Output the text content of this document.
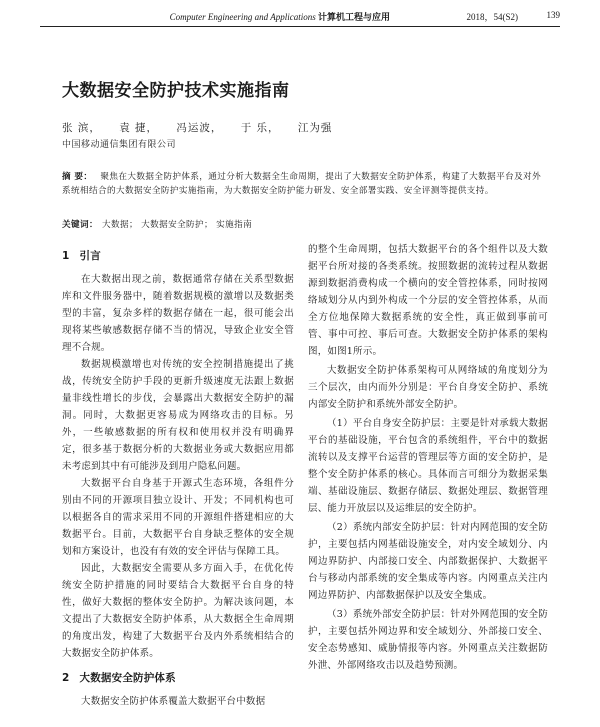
Computer Engineering and Applications 计算机工程与应用	2018，54(S2)	139
大数据安全防护技术实施指南
张 滨， 袁 捷， 冯运波， 于 乐， 江为强
中国移动通信集团有限公司
摘 要： 聚焦在大数据全防护体系，通过分析大数据全生命周期，提出了大数据安全防护体系，构建了大数据平台及对外系统相结合的大数据安全防护实施指南，为大数据安全防护能力研发、安全部署实践、安全评测等提供支持。
关键词： 大数据； 大数据安全防护； 实施指南
1 引言

在大数据出现之前，数据通常存储在关系型数据库和文件服务器中，随着数据规模的激增以及数据类型的丰富，复杂多样的数据存储在一起，很可能会出现将某些敏感数据存储不当的情况，导致企业安全管理不合规。

数据规模激增也对传统的安全控制措施提出了挑战，传统安全防护手段的更新升级速度无法跟上数据量非线性增长的步伐，会暴露出大数据安全防护的漏洞。同时，大数据更容易成为网络攻击的目标。另外，一些敏感数据的所有权和使用权并没有明确界定，很多基于数据分析的大数据业务或大数据应用都未考虑到其中有可能涉及到用户隐私问题。

大数据平台自身基于开源式生态环境，各组件分别由不同的开源项目独立设计、开发；不同机构也可以根据各自的需求采用不同的开源组件搭建相应的大数据平台。目前，大数据平台自身缺乏整体的安全规划和方案设计，也没有有效的安全评估与保障工具。

因此，大数据安全需要从多方面入手，在优化传统安全防护措施的同时要结合大数据平台自身的特性，做好大数据的整体安全防护。为解决该问题，本文提出了大数据安全防护体系，从大数据全生命周期的角度出发，构建了大数据平台及内外系统相结合的大数据安全防护体系。

2 大数据安全防护体系

大数据安全防护体系覆盖大数据平台中数据

的整个生命周期，包括大数据平台的各个组件以及大数据平台所对接的各类系统。按照数据的流转过程从数据源到数据消费构成一个横向的安全管控体系，同时按网络域划分从内到外构成一个分层的安全管控体系，从而全方位地保障大数据系统的安全性，真正做到事前可管、事中可控、事后可查。大数据安全防护体系的架构图，如图1所示。

大数据安全防护体系架构可从网络域的角度划分为三个层次，由内而外分别是：平台自身安全防护、系统内部安全防护和系统外部安全防护。

（1）平台自身安全防护层：主要是针对承载大数据平台的基础设施，平台包含的系统组件，平台中的数据流转以及支撑平台运营的管理层等方面的安全防护，是整个安全防护体系的核心。具体而言可细分为数据采集端、基础设施层、数据存储层、数据处理层、数据管理层、能力开放层以及运维层的安全防护。

（2）系统内部安全防护层：针对内网范围的安全防护，主要包括内网基础设施安全，对内安全域划分、内网边界防护、内部接口安全、内部数据保护、大数据平台与移动内部系统的安全集成等内容。内网重点关注内网边界防护、内部数据保护以及安全集成。

（3）系统外部安全防护层：针对外网范围的安全防护，主要包括外网边界和安全域划分、外部接口安全、安全态势感知、威胁情报等内容。外网重点关注数据防外泄、外部网络攻击以及趋势预测。
